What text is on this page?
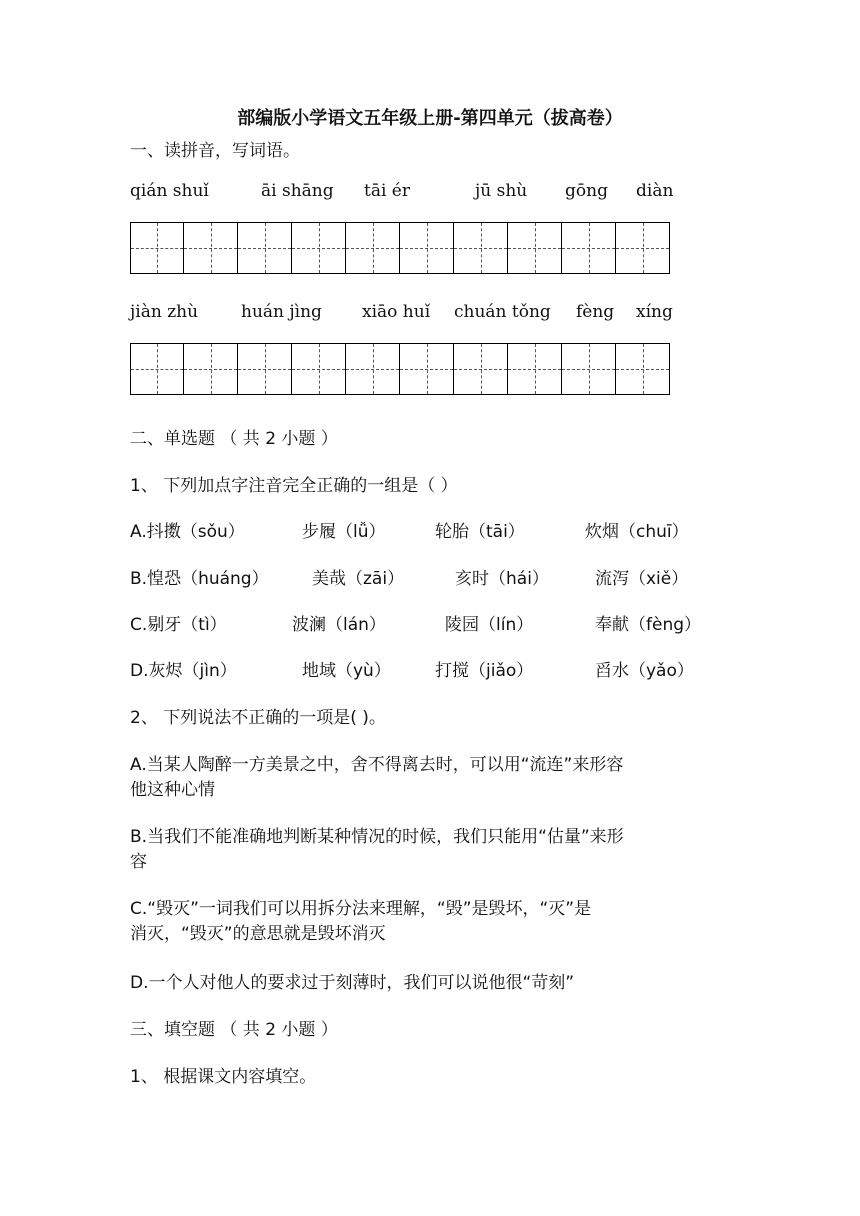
部编版小学语文五年级上册-第四单元（拔高卷）
一、读拼音，写词语。
qián shuǐ	āi shāng tāi ér	jū shù gōng diàn
jiàn zhù	huán jìng xiāo huǐ chuán tǒng fèng xíng
二、单选题 （ 共 2 小题 ）
1、 下列加点字注音完全正确的一组是（ ）
A.抖擞（sǒu）	步履（lǚ）	轮胎（tāi）	炊烟（chuī）
B.惶恐（huáng）	美哉（zāi）	亥时（hái）	流泻（xiě）
C.剔牙（tì）	波澜（lán）	陵园（lín）	奉献（fèng）
D.灰烬（jìn）	地域（yù）	打搅（jiǎo）	舀水（yǎo）
2、 下列说法不正确的一项是( )。
A.当某人陶醉一方美景之中，舍不得离去时，可以用“流连”来形容
他这种心情
B.当我们不能准确地判断某种情况的时候，我们只能用“估量”来形
容
C.“毁灭”一词我们可以用拆分法来理解，“毁”是毁坏，“灭”是
消灭，“毁灭”的意思就是毁坏消灭
D.一个人对他人的要求过于刻薄时，我们可以说他很“苛刻”
三、填空题 （ 共 2 小题 ）
1、 根据课文内容填空。
